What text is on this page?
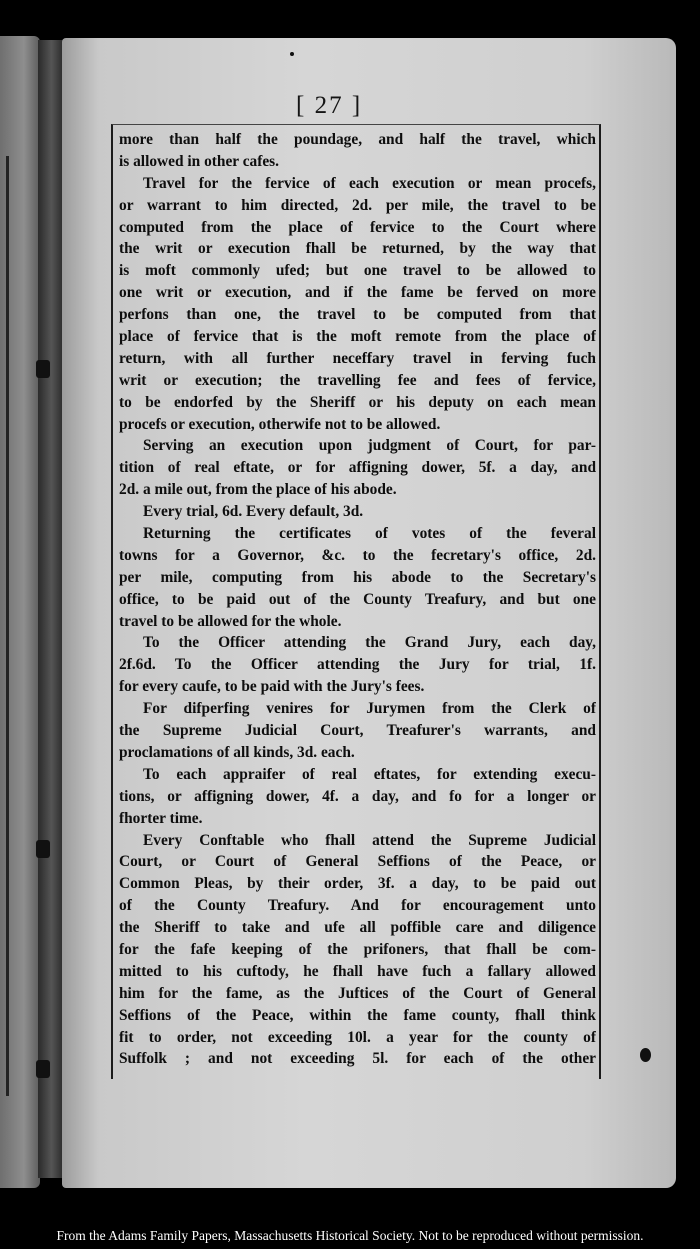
[ 27 ]
more than half the poundage, and half the travel, which
is allowed in other cafes.
Travel for the fervice of each execution or mean procefs,
or warrant to him directed, 2d. per mile, the travel to be
computed from the place of fervice to the Court where
the writ or execution fhall be returned, by the way that
is moft commonly ufed; but one travel to be allowed to
one writ or execution, and if the fame be ferved on more
perfons than one, the travel to be computed from that
place of fervice that is the moft remote from the place of
return, with all further neceffary travel in ferving fuch
writ or execution; the travelling fee and fees of fervice,
to be endorfed by the Sheriff or his deputy on each mean
procefs or execution, otherwife not to be allowed.
Serving an execution upon judgment of Court, for par-
tition of real eftate, or for affigning dower, 5f. a day, and
2d. a mile out, from the place of his abode.
Every trial, 6d. Every default, 3d.
Returning the certificates of votes of the feveral
towns for a Governor, &c. to the fecretary's office, 2d.
per mile, computing from his abode to the Secretary's
office, to be paid out of the County Treafury, and but one
travel to be allowed for the whole.
To the Officer attending the Grand Jury, each day,
2f.6d. To the Officer attending the Jury for trial, 1f.
for every caufe, to be paid with the Jury's fees.
For difperfing venires for Jurymen from the Clerk of
the Supreme Judicial Court, Treafurer's warrants, and
proclamations of all kinds, 3d. each.
To each appraifer of real eftates, for extending execu-
tions, or affigning dower, 4f. a day, and fo for a longer or
fhorter time.
Every Conftable who fhall attend the Supreme Judicial
Court, or Court of General Seffions of the Peace, or
Common Pleas, by their order, 3f. a day, to be paid out
of the County Treafury. And for encouragement unto
the Sheriff to take and ufe all poffible care and diligence
for the fafe keeping of the prifoners, that fhall be com-
mitted to his cuftody, he fhall have fuch a fallary allowed
him for the fame, as the Juftices of the Court of General
Seffions of the Peace, within the fame county, fhall think
fit to order, not exceeding 10l. a year for the county of
Suffolk ; and not exceeding 5l. for each of the other
From the Adams Family Papers, Massachusetts Historical Society. Not to be reproduced without permission.
